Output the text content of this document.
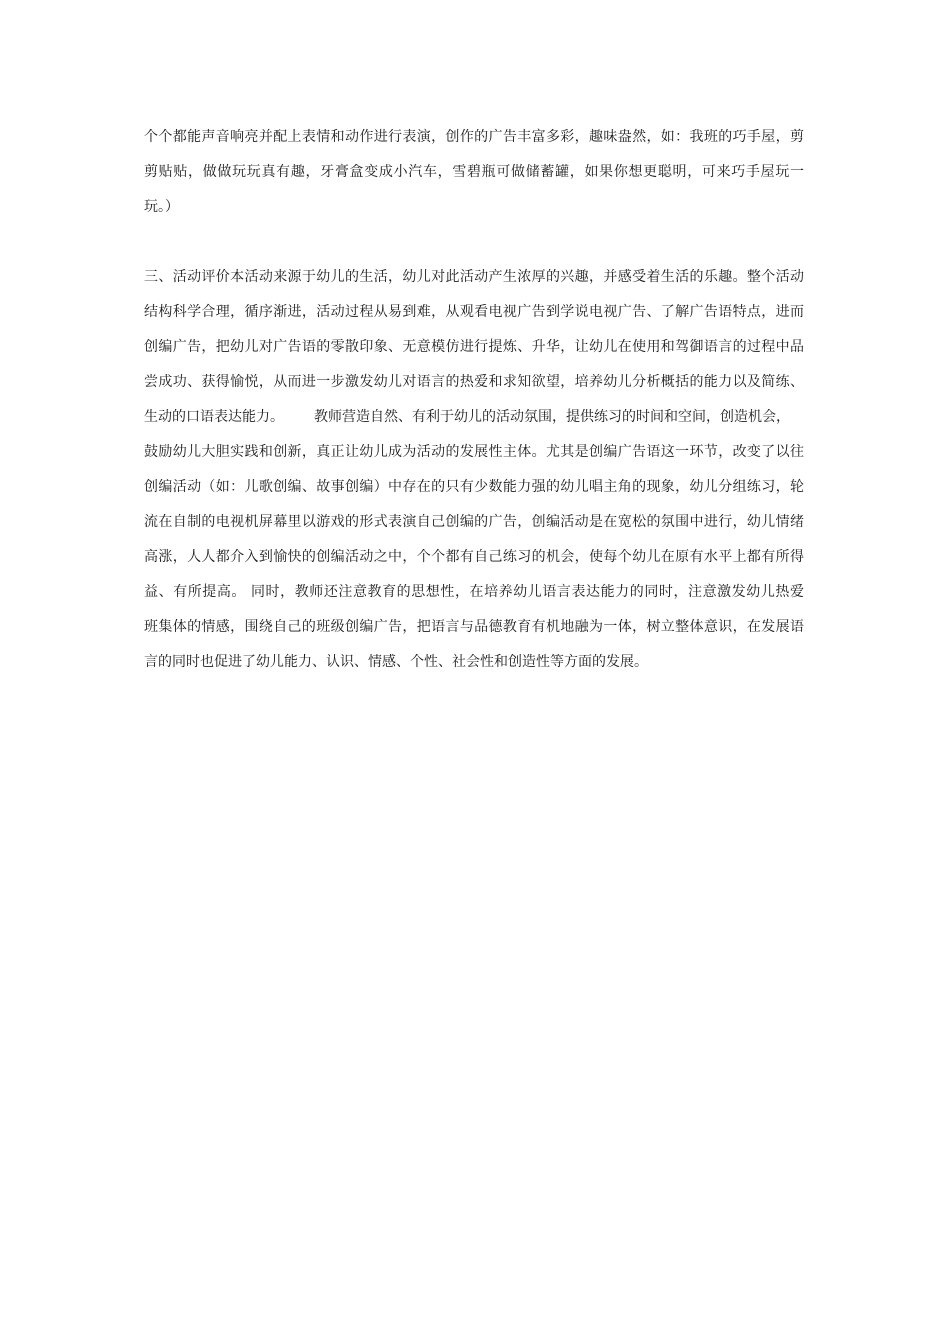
个个都能声音响亮并配上表情和动作进行表演，创作的广告丰富多彩，趣味盎然，如：我班的巧手屋，剪
剪贴贴，做做玩玩真有趣，牙膏盒变成小汽车，雪碧瓶可做储蓄罐，如果你想更聪明，可来巧手屋玩一
玩。）
三、活动评价本活动来源于幼儿的生活，幼儿对此活动产生浓厚的兴趣，并感受着生活的乐趣。整个活动
结构科学合理，循序渐进，活动过程从易到难，从观看电视广告到学说电视广告、了解广告语特点，进而
创编广告，把幼儿对广告语的零散印象、无意模仿进行提炼、升华，让幼儿在使用和驾御语言的过程中品
尝成功、获得愉悦，从而进一步激发幼儿对语言的热爱和求知欲望，培养幼儿分析概括的能力以及简练、
生动的口语表达能力。 教师营造自然、有利于幼儿的活动氛围，提供练习的时间和空间，创造机会，
鼓励幼儿大胆实践和创新，真正让幼儿成为活动的发展性主体。尤其是创编广告语这一环节，改变了以往
创编活动（如：儿歌创编、故事创编）中存在的只有少数能力强的幼儿唱主角的现象，幼儿分组练习，轮
流在自制的电视机屏幕里以游戏的形式表演自己创编的广告，创编活动是在宽松的氛围中进行，幼儿情绪
高涨，人人都介入到愉快的创编活动之中，个个都有自己练习的机会，使每个幼儿在原有水平上都有所得
益、有所提高。 同时，教师还注意教育的思想性，在培养幼儿语言表达能力的同时，注意激发幼儿热爱
班集体的情感，围绕自己的班级创编广告，把语言与品德教育有机地融为一体，树立整体意识，在发展语
言的同时也促进了幼儿能力、认识、情感、个性、社会性和创造性等方面的发展。
